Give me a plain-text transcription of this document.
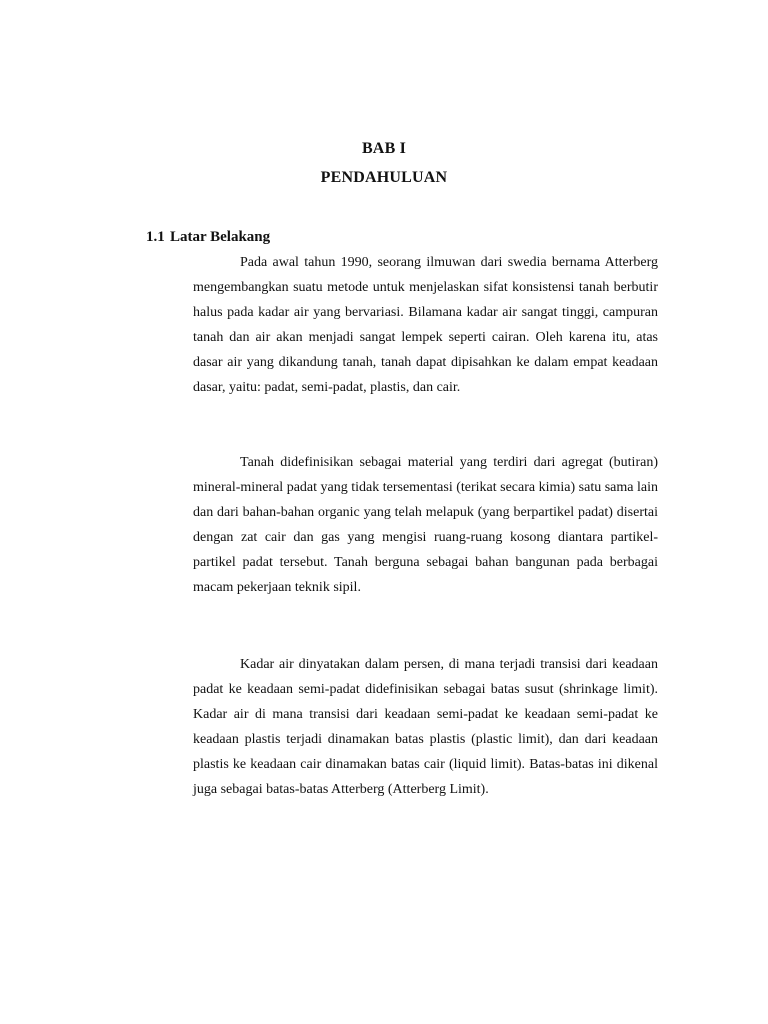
BAB I
PENDAHULUAN
1.1 Latar Belakang

Pada awal tahun 1990, seorang ilmuwan dari swedia bernama Atterberg mengembangkan suatu metode untuk menjelaskan sifat konsistensi tanah berbutir halus pada kadar air yang bervariasi. Bilamana kadar air sangat tinggi, campuran tanah dan air akan menjadi sangat lempek seperti cairan. Oleh karena itu, atas dasar air yang dikandung tanah, tanah dapat dipisahkan ke dalam empat keadaan dasar, yaitu: padat, semi-padat, plastis, dan cair.

Tanah didefinisikan sebagai material yang terdiri dari agregat (butiran) mineral-mineral padat yang tidak tersementasi (terikat secara kimia) satu sama lain dan dari bahan-bahan organic yang telah melapuk (yang berpartikel padat) disertai dengan zat cair dan gas yang mengisi ruang-ruang kosong diantara partikel-partikel padat tersebut. Tanah berguna sebagai bahan bangunan pada berbagai macam pekerjaan teknik sipil.

Kadar air dinyatakan dalam persen, di mana terjadi transisi dari keadaan padat ke keadaan semi-padat didefinisikan sebagai batas susut (shrinkage limit). Kadar air di mana transisi dari keadaan semi-padat ke keadaan semi-padat ke keadaan plastis terjadi dinamakan batas plastis (plastic limit), dan dari keadaan plastis ke keadaan cair dinamakan batas cair (liquid limit). Batas-batas ini dikenal juga sebagai batas-batas Atterberg (Atterberg Limit).
